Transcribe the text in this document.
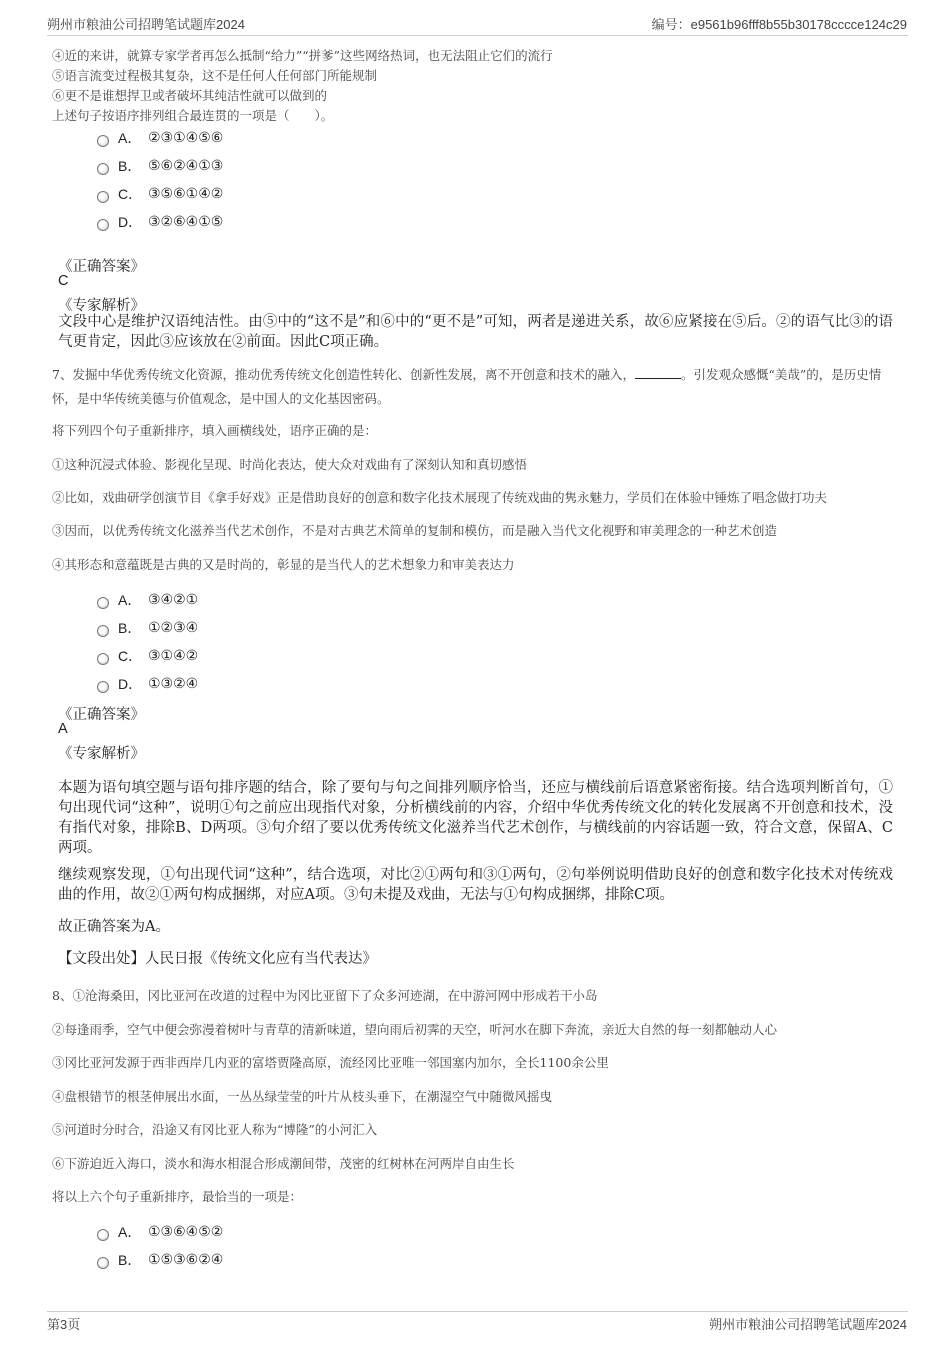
朔州市粮油公司招聘笔试题库2024	编号：e9561b96fff8b55b30178cccce124c29
④近的来讲，就算专家学者再怎么抵制“给力”“拼爹”这些网络热词，也无法阻止它们的流行
⑤语言流变过程极其复杂，这不是任何人任何部门所能规制
⑥更不是谁想捍卫或者破坏其纯洁性就可以做到的
上述句子按语序排列组合最连贯的一项是（　　）。
A． ②③①④⑤⑥
B． ⑤⑥②④①③
C． ③⑤⑥①④②
D． ③②⑥④①⑤
《正确答案》
C
《专家解析》
文段中心是维护汉语纯洁性。由⑤中的“这不是”和⑥中的“更不是”可知，两者是递进关系，故⑥应紧接在⑤后。②的语气比③的语气更肯定，因此③应该放在②前面。因此C项正确。
7、发掘中华优秀传统文化资源，推动优秀传统文化创造性转化、创新性发展，离不开创意和技术的融入，	。引发观众感慨“美哉”的，是历史情怀，是中华传统美德与价值观念，是中国人的文化基因密码。
将下列四个句子重新排序，填入画横线处，语序正确的是：
①这种沉浸式体验、影视化呈现、时尚化表达，使大众对戏曲有了深刻认知和真切感悟
②比如，戏曲研学创演节目《拿手好戏》正是借助良好的创意和数字化技术展现了传统戏曲的隽永魅力，学员们在体验中锤炼了唱念做打功夫
③因而，以优秀传统文化滋养当代艺术创作，不是对古典艺术简单的复制和模仿，而是融入当代文化视野和审美理念的一种艺术创造
④其形态和意蕴既是古典的又是时尚的，彰显的是当代人的艺术想象力和审美表达力
A． ③④②①
B． ①②③④
C． ③①④②
D． ①③②④
《正确答案》
A
《专家解析》
本题为语句填空题与语句排序题的结合，除了要句与句之间排列顺序恰当，还应与横线前后语意紧密衔接。结合选项判断首句，①句出现代词“这种”，说明①句之前应出现指代对象，分析横线前的内容，介绍中华优秀传统文化的转化发展离不开创意和技术，没有指代对象，排除B、D两项。③句介绍了要以优秀传统文化滋养当代艺术创作，与横线前的内容话题一致，符合文意，保留A、C两项。
继续观察发现，①句出现代词“这种”，结合选项，对比②①两句和③①两句，②句举例说明借助良好的创意和数字化技术对传统戏曲的作用，故②①两句构成捆绑，对应A项。③句未提及戏曲，无法与①句构成捆绑，排除C项。
故正确答案为A。
【文段出处】人民日报《传统文化应有当代表达》
8、①沧海桑田，冈比亚河在改道的过程中为冈比亚留下了众多河迹湖，在中游河网中形成若干小岛
②每逢雨季，空气中便会弥漫着树叶与青草的清新味道，望向雨后初霁的天空，听河水在脚下奔流，亲近大自然的每一刻都触动人心
③冈比亚河发源于西非西岸几内亚的富塔贾隆高原，流经冈比亚唯一邻国塞内加尔，全长1100余公里
④盘根错节的根茎伸展出水面，一丛丛绿莹莹的叶片从枝头垂下，在潮湿空气中随微风摇曳
⑤河道时分时合，沿途又有冈比亚人称为“博隆”的小河汇入
⑥下游迫近入海口，淡水和海水相混合形成潮间带，茂密的红树林在河两岸自由生长
将以上六个句子重新排序，最恰当的一项是：
A． ①③⑥④⑤②
B． ①⑤③⑥②④
第3页	朔州市粮油公司招聘笔试题库2024
